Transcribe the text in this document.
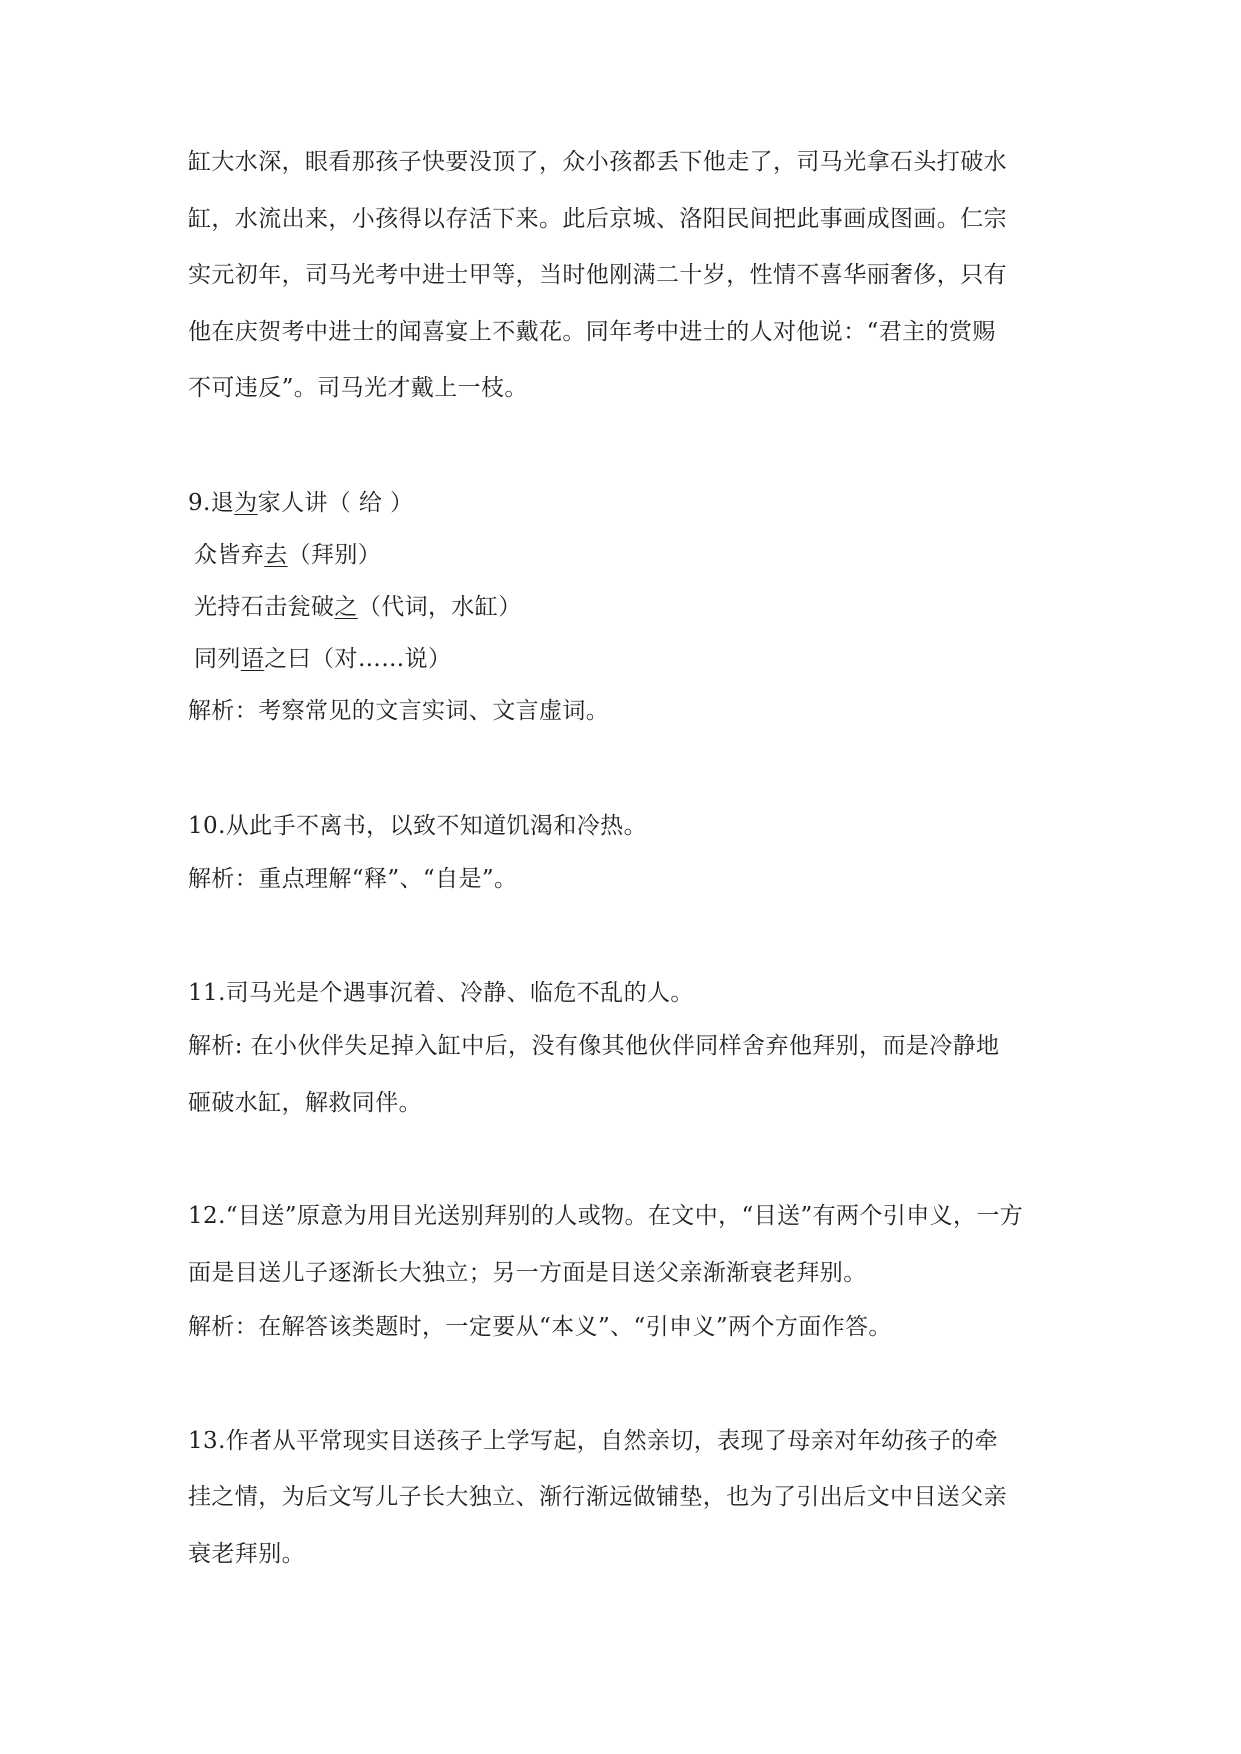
缸大水深，眼看那孩子快要没顶了，众小孩都丢下他走了，司马光拿石头打破水
缸，水流出来，小孩得以存活下来。此后京城、洛阳民间把此事画成图画。仁宗
实元初年，司马光考中进士甲等，当时他刚满二十岁，性情不喜华丽奢侈，只有
他在庆贺考中进士的闻喜宴上不戴花。同年考中进士的人对他说：“君主的赏赐
不可违反”。司马光才戴上一枝。
9.退为家人讲（ 给 ）
众皆弃去（拜别）
光持石击瓮破之（代词，水缸）
同列语之曰（对……说）
解析：考察常见的文言实词、文言虚词。
10.从此手不离书，以致不知道饥渴和冷热。
解析：重点理解“释”、“自是”。
11.司马光是个遇事沉着、冷静、临危不乱的人。
解析: 在小伙伴失足掉入缸中后，没有像其他伙伴同样舍弃他拜别，而是冷静地
砸破水缸，解救同伴。
12.“目送”原意为用目光送别拜别的人或物。在文中，“目送”有两个引申义，一方
面是目送儿子逐渐长大独立；另一方面是目送父亲渐渐衰老拜别。
解析：在解答该类题时，一定要从“本义”、“引申义”两个方面作答。
13.作者从平常现实目送孩子上学写起，自然亲切，表现了母亲对年幼孩子的牵
挂之情，为后文写儿子长大独立、渐行渐远做铺垫，也为了引出后文中目送父亲
衰老拜别。
